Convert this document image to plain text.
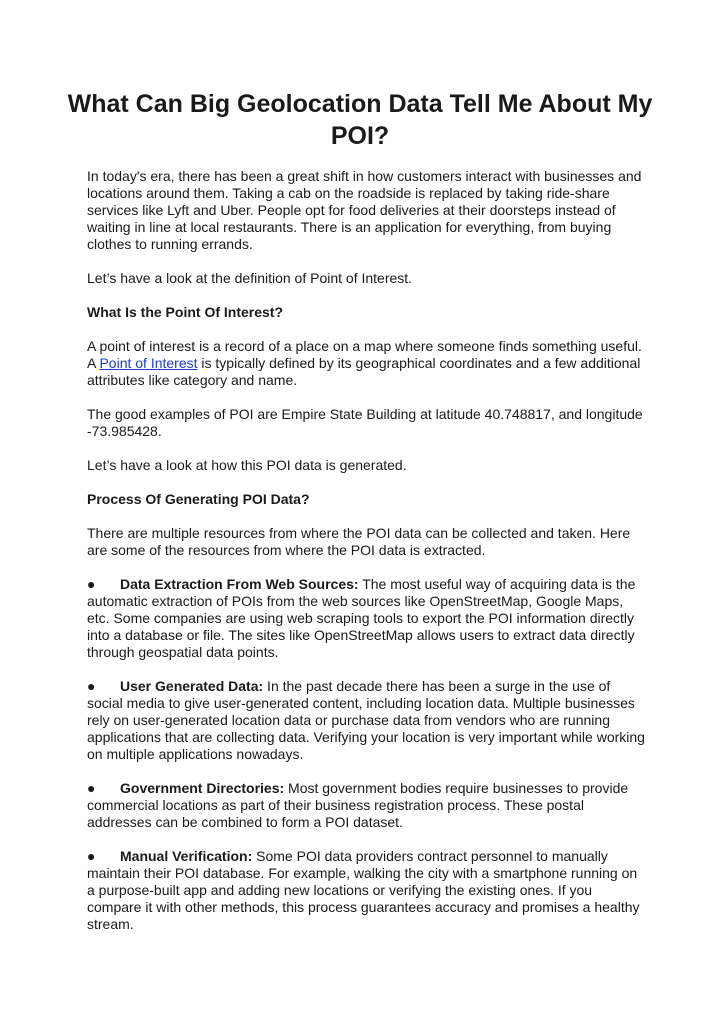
What Can Big Geolocation Data Tell Me About My POI?

In today's era, there has been a great shift in how customers interact with businesses and locations around them. Taking a cab on the roadside is replaced by taking ride-share services like Lyft and Uber. People opt for food deliveries at their doorsteps instead of waiting in line at local restaurants. There is an application for everything, from buying clothes to running errands.

Let’s have a look at the definition of Point of Interest.

What Is the Point Of Interest?

A point of interest is a record of a place on a map where someone finds something useful. A Point of Interest is typically defined by its geographical coordinates and a few additional attributes like category and name.

The good examples of POI are Empire State Building at latitude 40.748817, and longitude -73.985428.

Let’s have a look at how this POI data is generated.

Process Of Generating POI Data?

There are multiple resources from where the POI data can be collected and taken. Here are some of the resources from where the POI data is extracted.

● Data Extraction From Web Sources: The most useful way of acquiring data is the automatic extraction of POIs from the web sources like OpenStreetMap, Google Maps, etc. Some companies are using web scraping tools to export the POI information directly into a database or file. The sites like OpenStreetMap allows users to extract data directly through geospatial data points.

● User Generated Data: In the past decade there has been a surge in the use of social media to give user-generated content, including location data. Multiple businesses rely on user-generated location data or purchase data from vendors who are running applications that are collecting data. Verifying your location is very important while working on multiple applications nowadays.

● Government Directories: Most government bodies require businesses to provide commercial locations as part of their business registration process. These postal addresses can be combined to form a POI dataset.

● Manual Verification: Some POI data providers contract personnel to manually maintain their POI database. For example, walking the city with a smartphone running on a purpose-built app and adding new locations or verifying the existing ones. If you compare it with other methods, this process guarantees accuracy and promises a healthy stream.
